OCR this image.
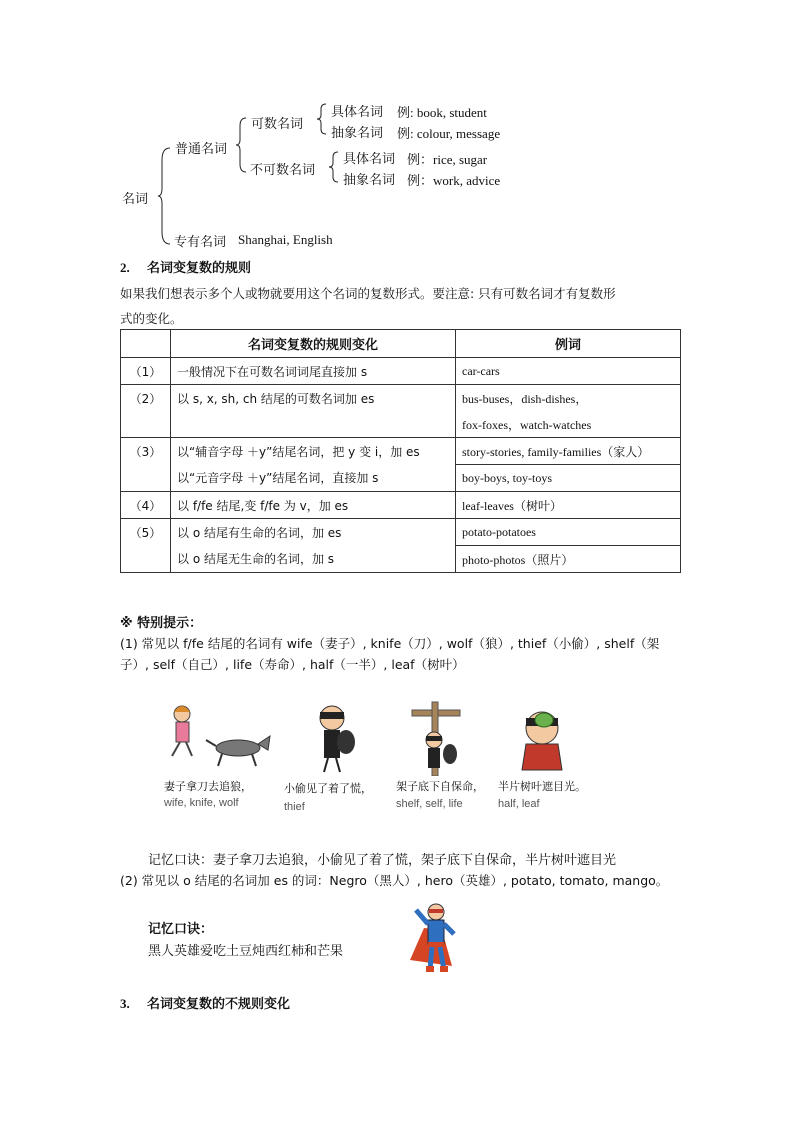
名词
普通名词
专有名词 Shanghai, English
可数名词
不可数名词
具体名词 例: book, student
抽象名词 例: colour, message
具体名词 例：rice, sugar
抽象名词 例：work, advice
2. 名词变复数的规则
如果我们想表示多个人或物就要用这个名词的复数形式。要注意: 只有可数名词才有复数形
式的变化。
	名词变复数的规则变化	例词
（1）	一般情况下在可数名词词尾直接加 s	car-cars
（2）	以 s, x, sh, ch 结尾的可数名词加 es	bus-buses，dish-dishes，
		fox-foxes，watch-watches
（3）	以“辅音字母 ＋y”结尾名词，把 y 变 i，加 es	story-stories, family-families（家人）
	以“元音字母 ＋y”结尾名词，直接加 s	boy-boys, toy-toys
（4）	以 f/fe 结尾,变 f/fe 为 v，加 es	leaf-leaves（树叶）
（5）	以 o 结尾有生命的名词，加 es	potato-potatoes
	以 o 结尾无生命的名词，加 s	photo-photos（照片）
※ 特别提示：
(1) 常见以 f/fe 结尾的名词有 wife（妻子）, knife（刀）, wolf（狼）, thief（小偷）, shelf（架
子）, self（自己）, life（寿命）, half（一半）, leaf（树叶）
妻子拿刀去追狼，
wife, knife, wolf
小偷见了着了慌，
thief
架子底下自保命，
shelf, self, life
半片树叶遮目光。
half, leaf
记忆口诀：妻子拿刀去追狼，小偷见了着了慌，架子底下自保命，半片树叶遮目光
(2) 常见以 o 结尾的名词加 es 的词：Negro（黑人）, hero（英雄）, potato, tomato, mango。
记忆口诀：
黑人英雄爱吃土豆炖西红柿和芒果
3. 名词变复数的不规则变化
